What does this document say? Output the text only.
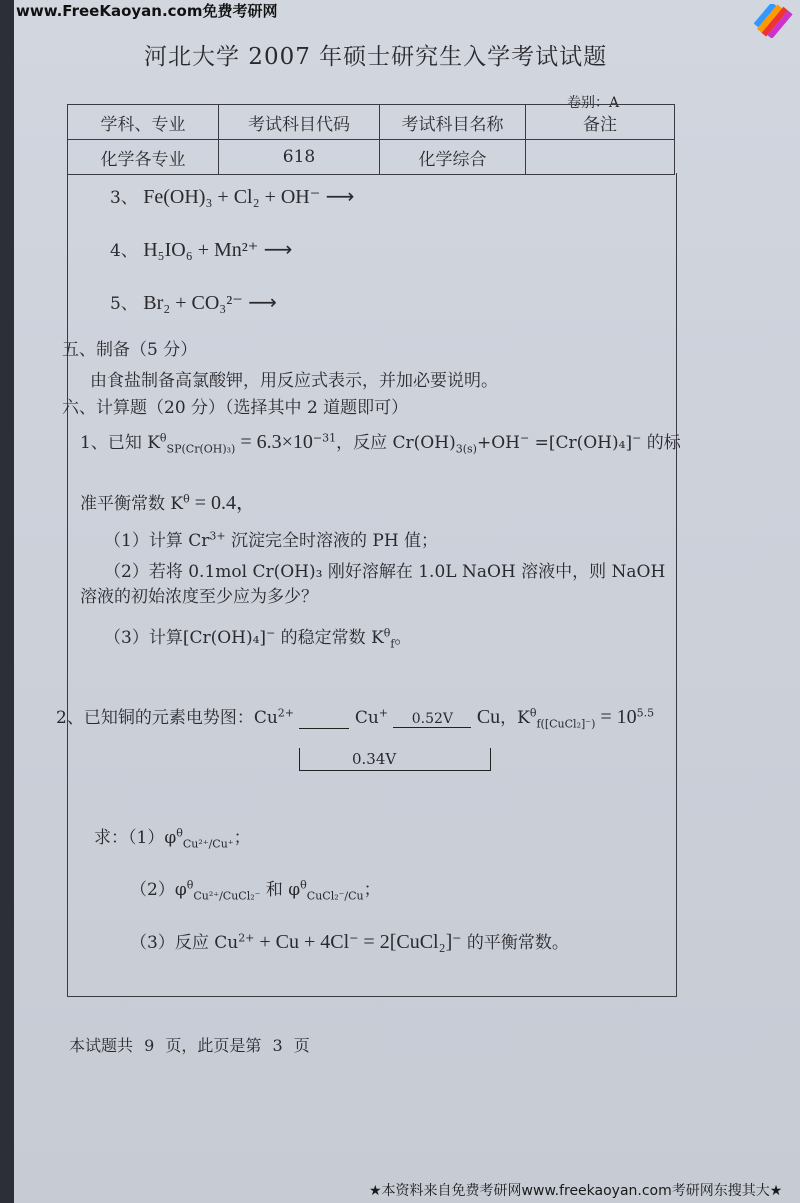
www.FreeKaoyan.com免费考研网
河北大学 2007 年硕士研究生入学考试试题
卷别：A
学科、专业	考试科目代码	考试科目名称	备注
化学各专业	618	化学综合	
3、 Fe(OH)₃ + Cl₂ + OH⁻ ⟶
4、 H₅IO₆ + Mn²⁺ ⟶
5、 Br₂ + CO₃²⁻ ⟶
五、制备（5 分）
由食盐制备高氯酸钾，用反应式表示，并加必要说明。
六、计算题（20 分）（选择其中 2 道题即可）
1、已知 $K^\theta_{SP(Cr(OH)_3)} = 6.3\times 10^{-31}$，反应 $Cr(OH)_{3(s)}+OH^- =[Cr(OH)_4]^-$ 的标
准平衡常数 $K^\theta = 0.4$，
（1）计算 $Cr^{3+}$ 沉淀完全时溶液的 PH 值；
（2）若将 0.1mol Cr(OH)₃ 刚好溶解在 1.0L NaOH 溶液中，则 NaOH
溶液的初始浓度至少应为多少？
（3）计算[Cr(OH)₄]− 的稳定常数 $K^\theta_f$。
2、已知铜的元素电势图：$Cu^{2+}$	Cu+ 0.52V Cu，$K^\theta_{f([CuCl_2]^-)} = 10^{5.5}$
0.34V
求：$(1)\varphi^\theta_{Cu^{2+}/Cu^+}$；
$(2)\varphi^\theta_{Cu^{2+}/CuCl_2^-}$ 和 $\varphi^\theta_{CuCl_2^-/Cu}$；
（3）反应 $Cu^{2+} + Cu + 4Cl^-$ = 2[CuCl₂]− 的平衡常数。
本试题共 9 页，此页是第 3 页
★本资料来自免费考研网www.freekaoyan.com考研网东搜其大★
